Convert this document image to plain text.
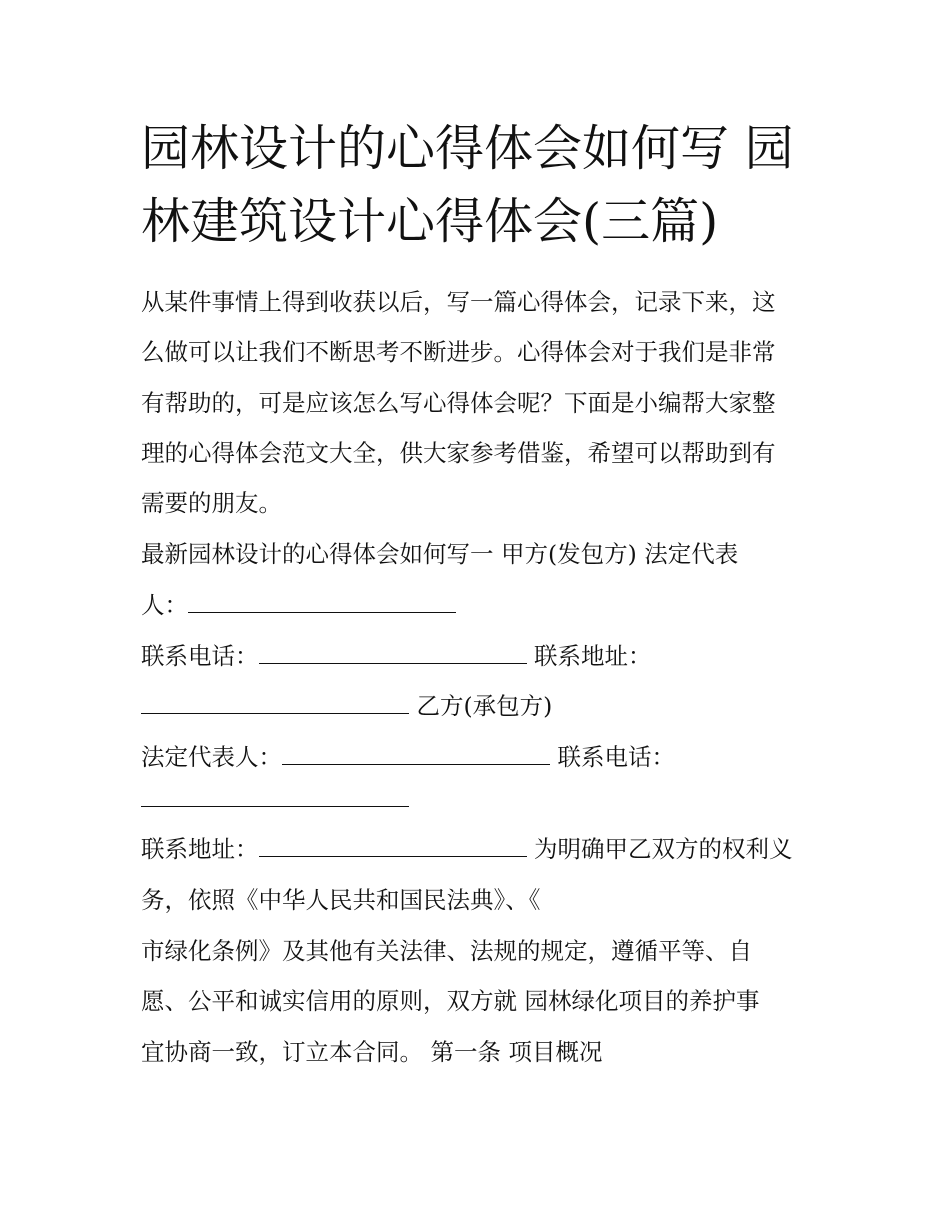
园林设计的心得体会如何写 园
林建筑设计心得体会(三篇)

从某件事情上得到收获以后，写一篇心得体会，记录下来，这

么做可以让我们不断思考不断进步。心得体会对于我们是非常

有帮助的，可是应该怎么写心得体会呢？下面是小编帮大家整

理的心得体会范文大全，供大家参考借鉴，希望可以帮助到有

需要的朋友。

最新园林设计的心得体会如何写一 甲方(发包方) 法定代表

人：

联系电话：	联系地址：

乙方(承包方)

法定代表人：	联系电话：

联系地址：	为明确甲乙双方的权利义

务，依照《中华人民共和国民法典》、《

市绿化条例》及其他有关法律、法规的规定，遵循平等、自

愿、公平和诚实信用的原则，双方就 园林绿化项目的养护事

宜协商一致，订立本合同。 第一条 项目概况
